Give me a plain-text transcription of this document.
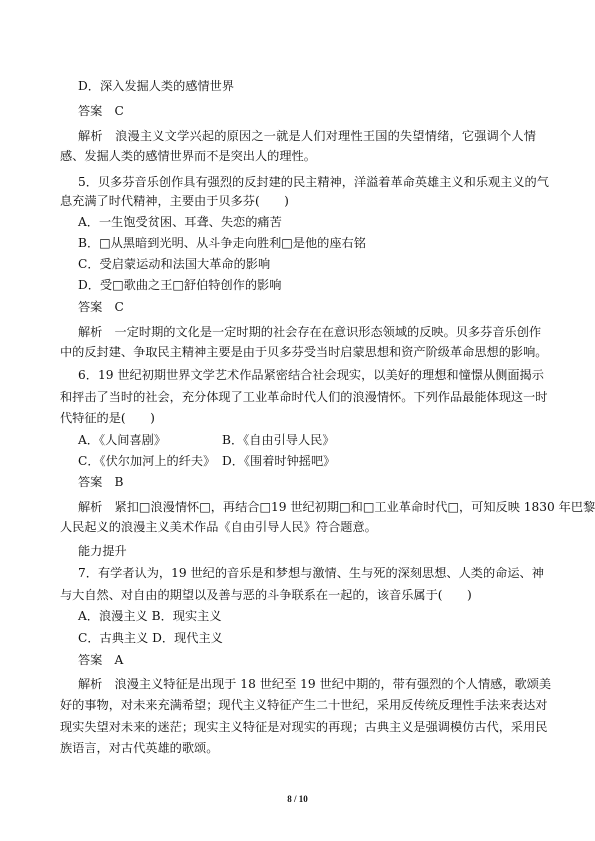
D．深入发掘人类的感情世界
答案　C
解析　浪漫主义文学兴起的原因之一就是人们对理性王国的失望情绪，它强调个人情
感、发掘人类的感情世界而不是突出人的理性。
5．贝多芬音乐创作具有强烈的反封建的民主精神，洋溢着革命英雄主义和乐观主义的气
息充满了时代精神，主要由于贝多芬(　　)
A．一生饱受贫困、耳聋、失恋的痛苦
B．□从黑暗到光明、从斗争走向胜利□是他的座右铭
C．受启蒙运动和法国大革命的影响
D．受□歌曲之王□舒伯特创作的影响
答案　C
解析　一定时期的文化是一定时期的社会存在在意识形态领域的反映。贝多芬音乐创作
中的反封建、争取民主精神主要是由于贝多芬受当时启蒙思想和资产阶级革命思想的影响。
6．19 世纪初期世界文学艺术作品紧密结合社会现实，以美好的理想和憧憬从侧面揭示
和抨击了当时的社会，充分体现了工业革命时代人们的浪漫情怀。下列作品最能体现这一时
代特征的是(　　)
A．《人间喜剧》	B．《自由引导人民》
C．《伏尔加河上的纤夫》 D．《围着时钟摇吧》
答案　B
解析　紧扣□浪漫情怀□，再结合□19 世纪初期□和□工业革命时代□，可知反映 1830 年巴黎
人民起义的浪漫主义美术作品《自由引导人民》符合题意。
能力提升
7．有学者认为，19 世纪的音乐是和梦想与激情、生与死的深刻思想、人类的命运、神
与大自然、对自由的期望以及善与恶的斗争联系在一起的，该音乐属于(　　)
A．浪漫主义 B．现实主义
C．古典主义 D．现代主义
答案　A
解析　浪漫主义特征是出现于 18 世纪至 19 世纪中期的，带有强烈的个人情感，歌颂美
好的事物，对未来充满希望；现代主义特征产生二十世纪，采用反传统反理性手法来表达对
现实失望对未来的迷茫；现实主义特征是对现实的再现；古典主义是强调模仿古代，采用民
族语言，对古代英雄的歌颂。
8 / 10
